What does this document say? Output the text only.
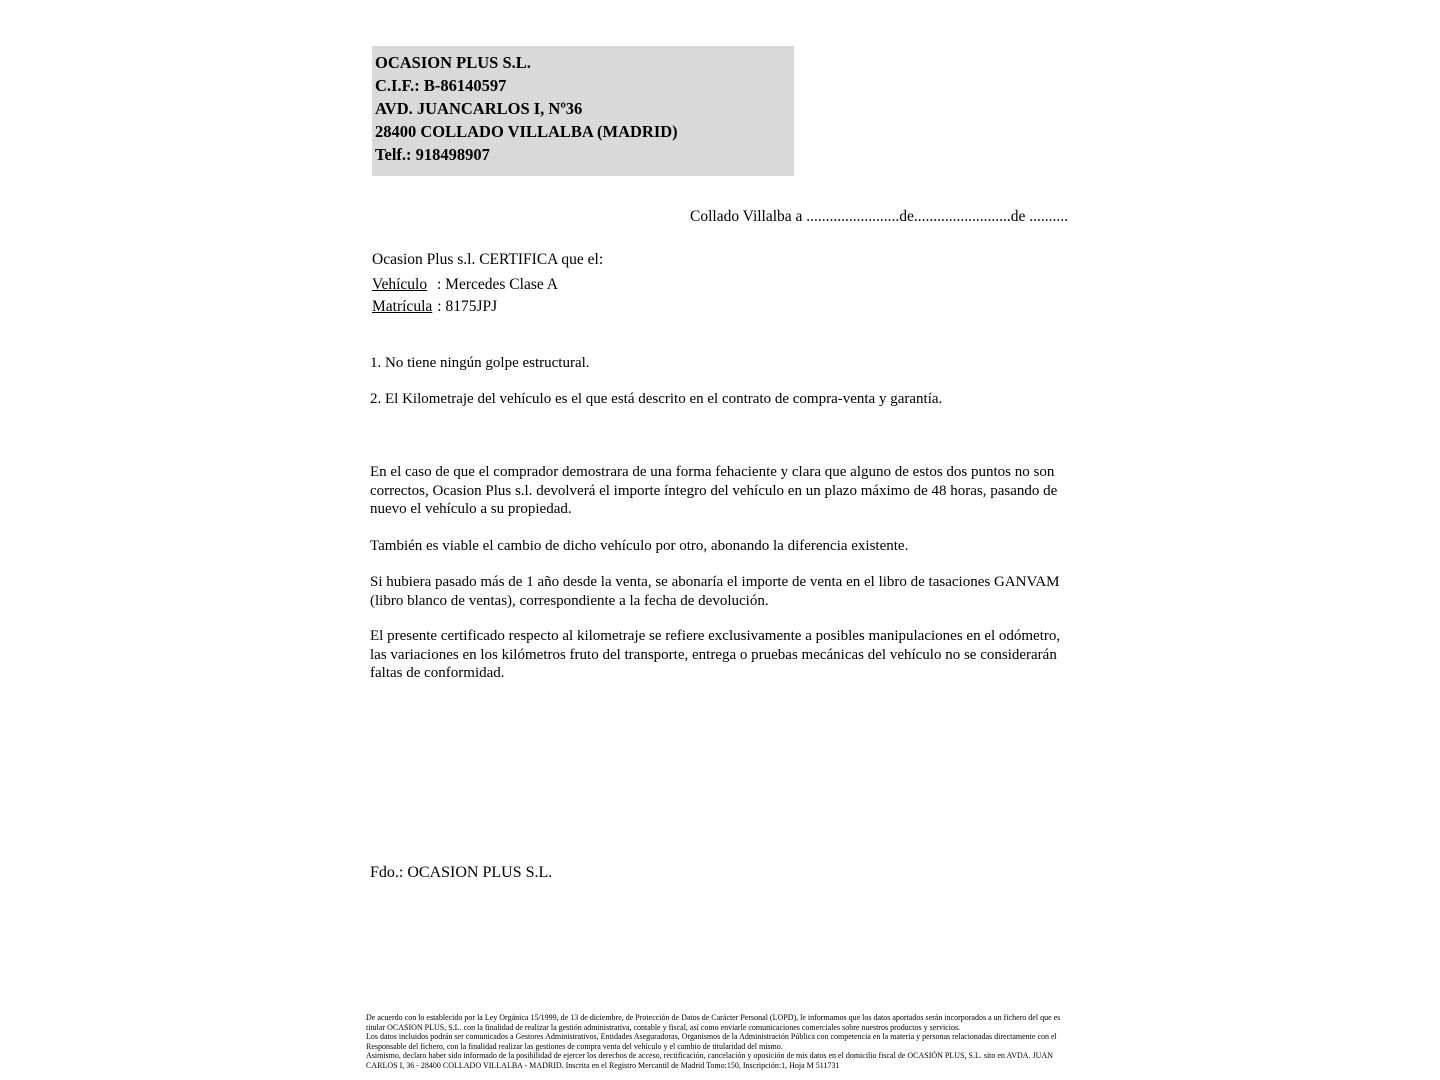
OCASION PLUS S.L.
C.I.F.: B-86140597
AVD. JUANCARLOS I, Nº36
28400 COLLADO VILLALBA (MADRID)
Telf.: 918498907
Collado Villalba a ........................de.........................de ..........
Ocasion Plus s.l. CERTIFICA que el:
Vehículo : Mercedes Clase A
Matrícula : 8175JPJ
1. No tiene ningún golpe estructural.
2. El Kilometraje del vehículo es el que está descrito en el contrato de compra-venta y garantía.
En el caso de que el comprador demostrara de una forma fehaciente y clara que alguno de estos dos puntos no son correctos, Ocasion Plus s.l. devolverá el importe íntegro del vehículo en un plazo máximo de 48 horas, pasando de nuevo el vehículo a su propiedad.
También es viable el cambio de dicho vehículo por otro, abonando la diferencia existente.
Si hubiera pasado más de 1 año desde la venta, se abonaría el importe de venta en el libro de tasaciones GANVAM (libro blanco de ventas), correspondiente a la fecha de devolución.
El presente certificado respecto al kilometraje se refiere exclusivamente a posibles manipulaciones en el odómetro, las variaciones en los kilómetros fruto del transporte, entrega o pruebas mecánicas del vehículo no se considerarán faltas de conformidad.
Fdo.: OCASION PLUS S.L.
De acuerdo con lo establecido por la Ley Orgánica 15/1999, de 13 de diciembre, de Protección de Datos de Carácter Personal (LOPD), le informamos que los datos aportados serán incorporados a un fichero del que es titular OCASION PLUS, S.L. con la finalidad de realizar la gestión administrativa, contable y fiscal, así como enviarle comunicaciones comerciales sobre nuestros productos y servicios.
Los datos incluidos podrán ser comunicados a Gestores Administrativos, Entidades Aseguradoras, Organismos de la Administración Pública con competencia en la materia y personas relacionadas directamente con el Responsable del fichero, con la finalidad realizar las gestiones de compra venta del vehículo y el cambio de titularidad del mismo.
Asimismo, declaro haber sido informado de la posibilidad de ejercer los derechos de acceso, rectificación, cancelación y oposición de mis datos en el domicilio fiscal de OCASIÓN PLUS, S.L. sito en AVDA. JUAN CARLOS I, 36 - 28400 COLLADO VILLALBA - MADRID. Inscrita en el Registro Mercantil de Madrid Tomo:150, Inscripción:1, Hoja M 511731
